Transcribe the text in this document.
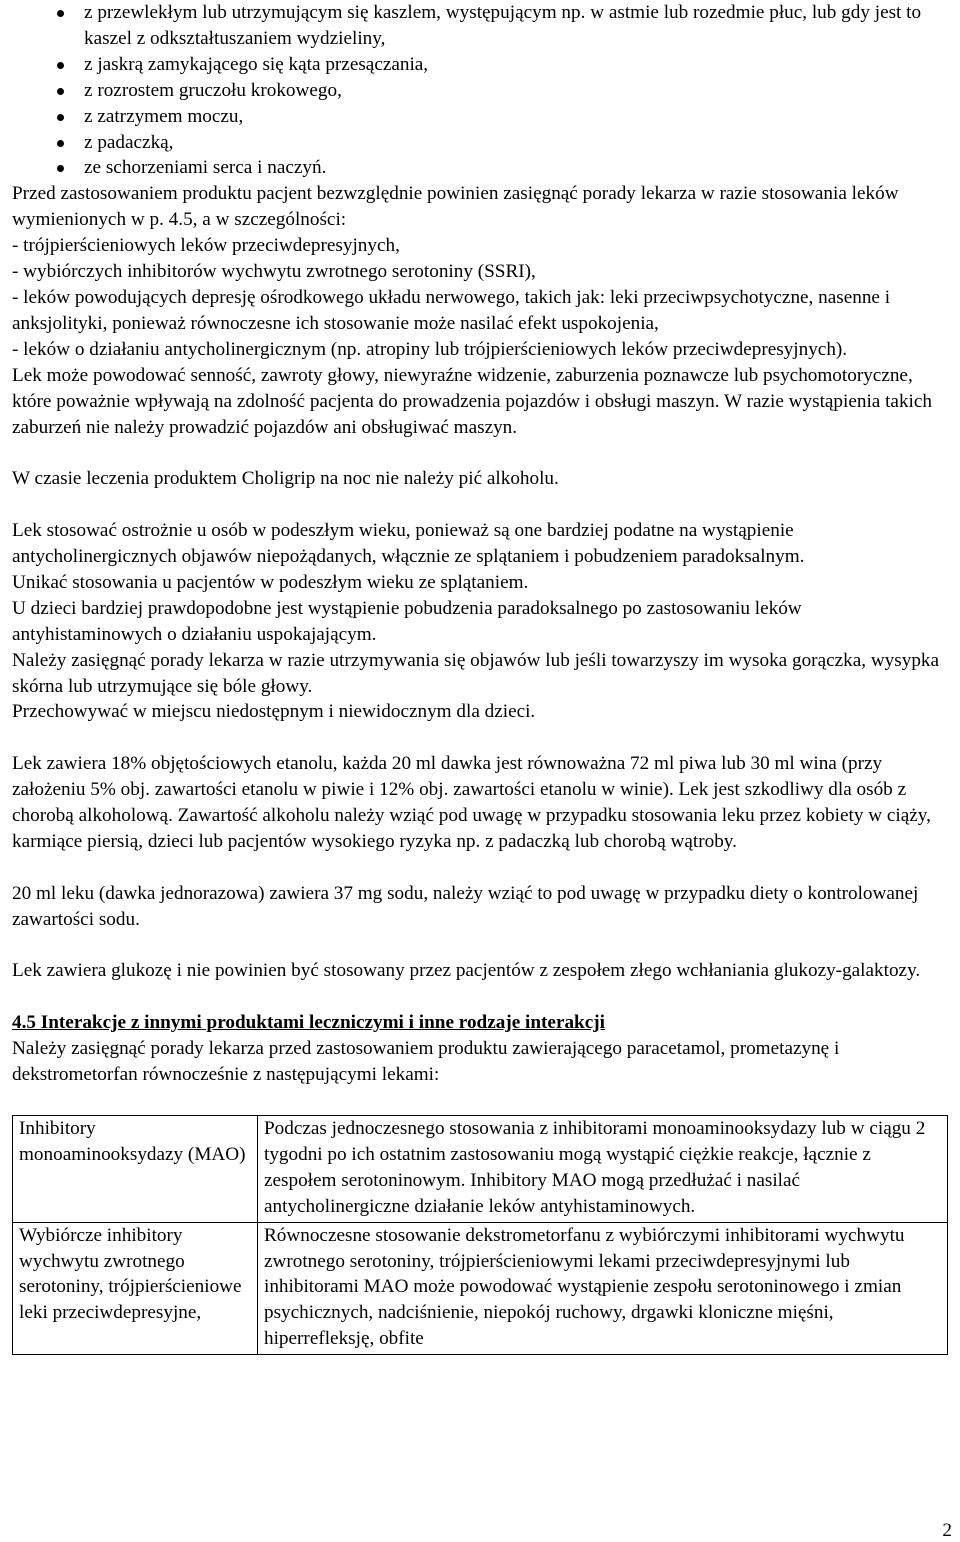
z przewlekłym lub utrzymującym się kaszlem, występującym np. w astmie lub rozedmie płuc, lub gdy jest to kaszel z odkształtuszaniem wydzieliny,
z jaskrą zamykającego się kąta przesączania,
z rozrostem gruczołu krokowego,
z zatrzymem moczu,
z padaczką,
ze schorzeniami serca i naczyń.

Przed zastosowaniem produktu pacjent bezwzględnie powinien zasięgnąć porady lekarza w razie stosowania leków wymienionych w p. 4.5, a w szczególności:

- trójpierścieniowych leków przeciwdepresyjnych,

- wybiórczych inhibitorów wychwytu zwrotnego serotoniny (SSRI),

- leków powodujących depresję ośrodkowego układu nerwowego, takich jak: leki przeciwpsychotyczne, nasenne i anksjolityki, ponieważ równoczesne ich stosowanie może nasilać efekt uspokojenia,

- leków o działaniu antycholinergicznym (np. atropiny lub trójpierścieniowych leków przeciwdepresyjnych).

Lek może powodować senność, zawroty głowy, niewyraźne widzenie, zaburzenia poznawcze lub psychomotoryczne, które poważnie wpływają na zdolność pacjenta do prowadzenia pojazdów i obsługi maszyn. W razie wystąpienia takich zaburzeń nie należy prowadzić pojazdów ani obsługiwać maszyn.

W czasie leczenia produktem Choligrip na noc nie należy pić alkoholu.

Lek stosować ostrożnie u osób w podeszłym wieku, ponieważ są one bardziej podatne na wystąpienie antycholinergicznych objawów niepożądanych, włącznie ze splątaniem i pobudzeniem paradoksalnym.

Unikać stosowania u pacjentów w podeszłym wieku ze splątaniem.

U dzieci bardziej prawdopodobne jest wystąpienie pobudzenia paradoksalnego po zastosowaniu leków antyhistaminowych o działaniu uspokajającym.

Należy zasięgnąć porady lekarza w razie utrzymywania się objawów lub jeśli towarzyszy im wysoka gorączka, wysypka skórna lub utrzymujące się bóle głowy.

Przechowywać w miejscu niedostępnym i niewidocznym dla dzieci.

Lek zawiera 18% objętościowych etanolu, każda 20 ml dawka jest równoważna 72 ml piwa lub 30 ml wina (przy założeniu 5% obj. zawartości etanolu w piwie i 12% obj. zawartości etanolu w winie). Lek jest szkodliwy dla osób z chorobą alkoholową. Zawartość alkoholu należy wziąć pod uwagę w przypadku stosowania leku przez kobiety w ciąży, karmiące piersią, dzieci lub pacjentów wysokiego ryzyka np. z padaczką lub chorobą wątroby.

20 ml leku (dawka jednorazowa) zawiera 37 mg sodu, należy wziąć to pod uwagę w przypadku diety o kontrolowanej zawartości sodu.

Lek zawiera glukozę i nie powinien być stosowany przez pacjentów z zespołem złego wchłaniania glukozy-galaktozy.

4.5 Interakcje z innymi produktami leczniczymi i inne rodzaje interakcji

Należy zasięgnąć porady lekarza przed zastosowaniem produktu zawierającego paracetamol, prometazynę i dekstrometorfan równocześnie z następującymi lekami:

Inhibitory monoaminooksydazy (MAO)	Podczas jednoczesnego stosowania z inhibitorami monoaminooksydazy lub w ciągu 2 tygodni po ich ostatnim zastosowaniu mogą wystąpić ciężkie reakcje, łącznie z zespołem serotoninowym. Inhibitory MAO mogą przedłużać i nasilać antycholinergiczne działanie leków antyhistaminowych.
Wybiórcze inhibitory wychwytu zwrotnego serotoniny, trójpierścieniowe leki przeciwdepresyjne,	Równoczesne stosowanie dekstrometorfanu z wybiórczymi inhibitorami wychwytu zwrotnego serotoniny, trójpierścieniowymi lekami przeciwdepresyjnymi lub inhibitorami MAO może powodować wystąpienie zespołu serotoninowego i zmian psychicznych, nadciśnienie, niepokój ruchowy, drgawki kloniczne mięśni, hiperrefleksję, obfite
2
